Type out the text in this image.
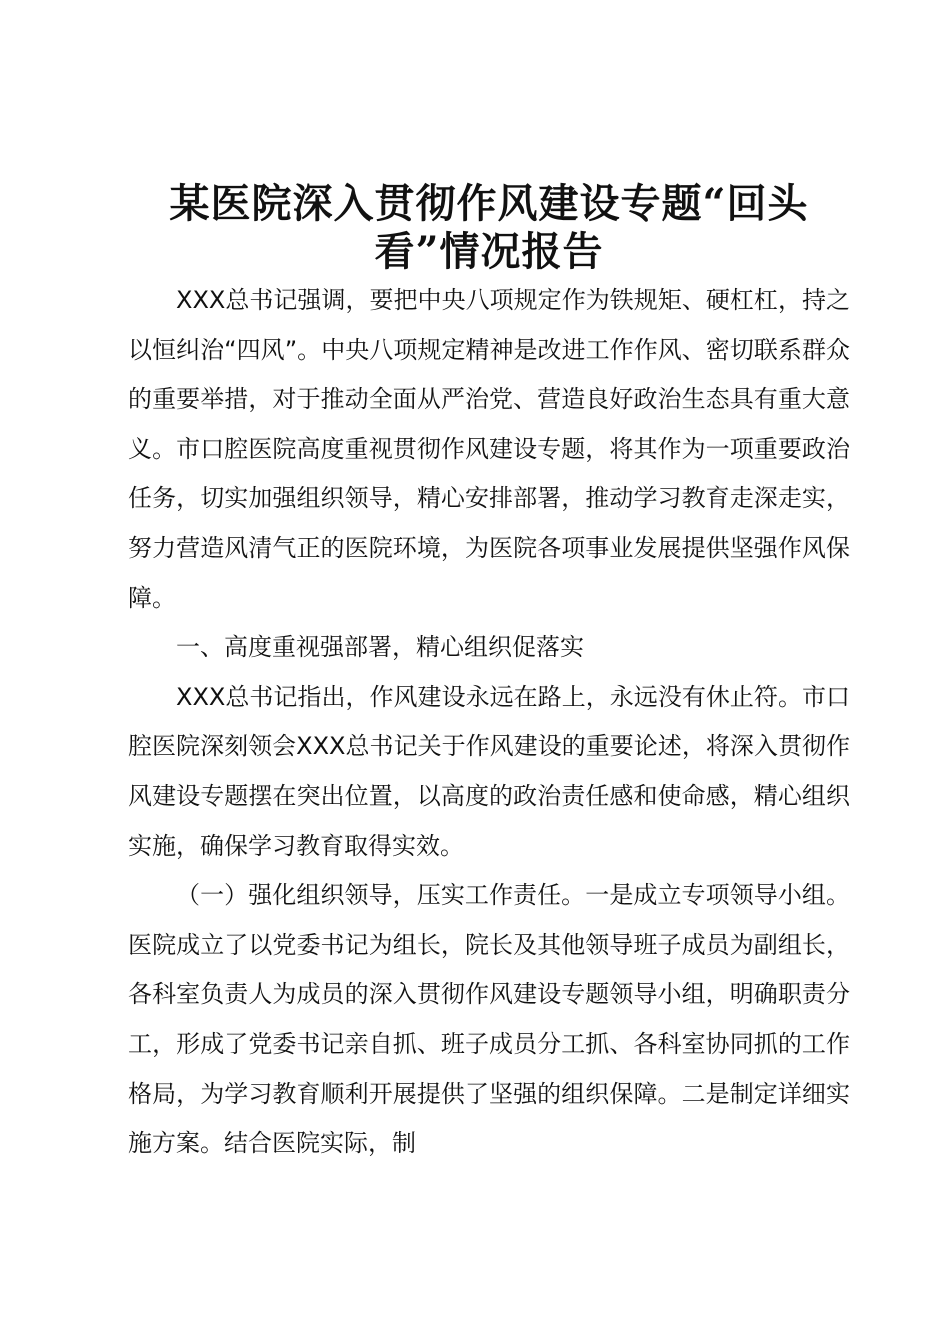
某医院深入贯彻作风建设专题“回头
看”情况报告

XXX总书记强调，要把中央八项规定作为铁规矩、硬杠杠，持之以恒纠治“四风”。中央八项规定精神是改进工作作风、密切联系群众的重要举措，对于推动全面从严治党、营造良好政治生态具有重大意义。市口腔医院高度重视贯彻作风建设专题，将其作为一项重要政治任务，切实加强组织领导，精心安排部署，推动学习教育走深走实，努力营造风清气正的医院环境，为医院各项事业发展提供坚强作风保障。

一、高度重视强部署，精心组织促落实

XXX总书记指出，作风建设永远在路上，永远没有休止符。市口腔医院深刻领会XXX总书记关于作风建设的重要论述，将深入贯彻作风建设专题摆在突出位置，以高度的政治责任感和使命感，精心组织实施，确保学习教育取得实效。

（一）强化组织领导，压实工作责任。一是成立专项领导小组。医院成立了以党委书记为组长，院长及其他领导班子成员为副组长，各科室负责人为成员的深入贯彻作风建设专题领导小组，明确职责分工，形成了党委书记亲自抓、班子成员分工抓、各科室协同抓的工作格局，为学习教育顺利开展提供了坚强的组织保障。二是制定详细实施方案。结合医院实际，制
